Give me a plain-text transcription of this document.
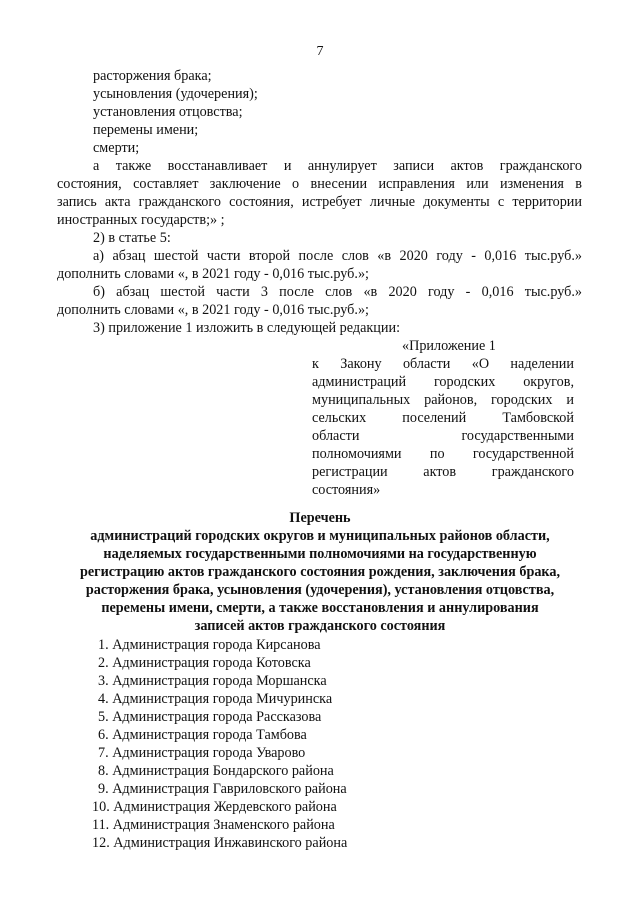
7
расторжения брака;
усыновления (удочерения);
установления отцовства;
перемены имени;
смерти;
а также восстанавливает и аннулирует записи актов гражданского
состояния, составляет заключение о внесении исправления или изменения в
запись акта гражданского состояния, истребует личные документы с территории
иностранных государств;» ;
2) в статье 5:
а) абзац шестой части второй после слов «в 2020 году - 0,016 тыс.руб.»
дополнить словами «, в 2021 году - 0,016 тыс.руб.»;
б) абзац шестой части 3 после слов «в 2020 году - 0,016 тыс.руб.»
дополнить словами «, в 2021 году - 0,016 тыс.руб.»;
3) приложение 1 изложить в следующей редакции:
«Приложение 1
к Закону области «О наделении
администраций городских округов,
муниципальных районов, городских и
сельских поселений Тамбовской
области государственными
полномочиями по государственной
регистрации актов гражданского
состояния»
Перечень
администраций городских округов и муниципальных районов области,
наделяемых государственными полномочиями на государственную
регистрацию актов гражданского состояния рождения, заключения брака,
расторжения брака, усыновления (удочерения), установления отцовства,
перемены имени, смерти, а также восстановления и аннулирования
записей актов гражданского состояния
1. Администрация города Кирсанова
2. Администрация города Котовска
3. Администрация города Моршанска
4. Администрация города Мичуринска
5. Администрация города Рассказова
6. Администрация города Тамбова
7. Администрация города Уварово
8. Администрация Бондарского района
9. Администрация Гавриловского района
10. Администрация Жердевского района
11. Администрация Знаменского района
12. Администрация Инжавинского района
